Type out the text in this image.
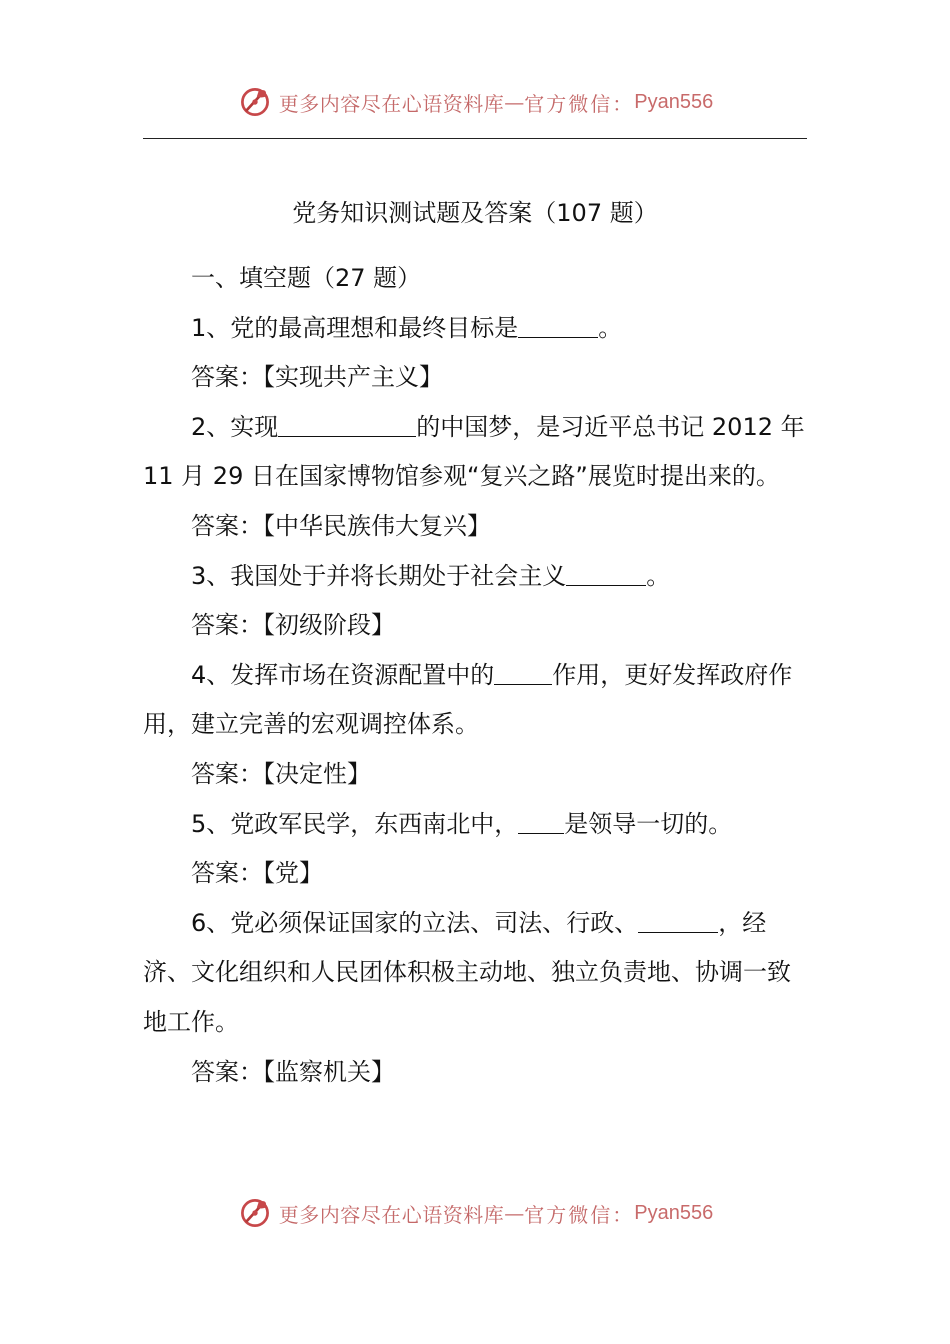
更多内容尽在心语资料库 — 官方微信： Pyan556
党务知识测试题及答案（107 题）

一、填空题（27 题）

1、党的最高理想和最终目标是	。

答案：【实现共产主义】

2、实现	的中国梦，是习近平总书记 2012 年 11 月 29 日在国家博物馆参观“复兴之路”展览时提出来的。

答案：【中华民族伟大复兴】

3、我国处于并将长期处于社会主义	。

答案：【初级阶段】

4、发挥市场在资源配置中的 作用，更好发挥政府作用，建立完善的宏观调控体系。

答案：【决定性】

5、党政军民学，东西南北中， 是领导一切的。

答案：【党】

6、党必须保证国家的立法、司法、行政、	，经济、文化组织和人民团体积极主动地、独立负责地、协调一致地工作。

答案：【监察机关】

更多内容尽在心语资料库 — 官方微信： Pyan556
